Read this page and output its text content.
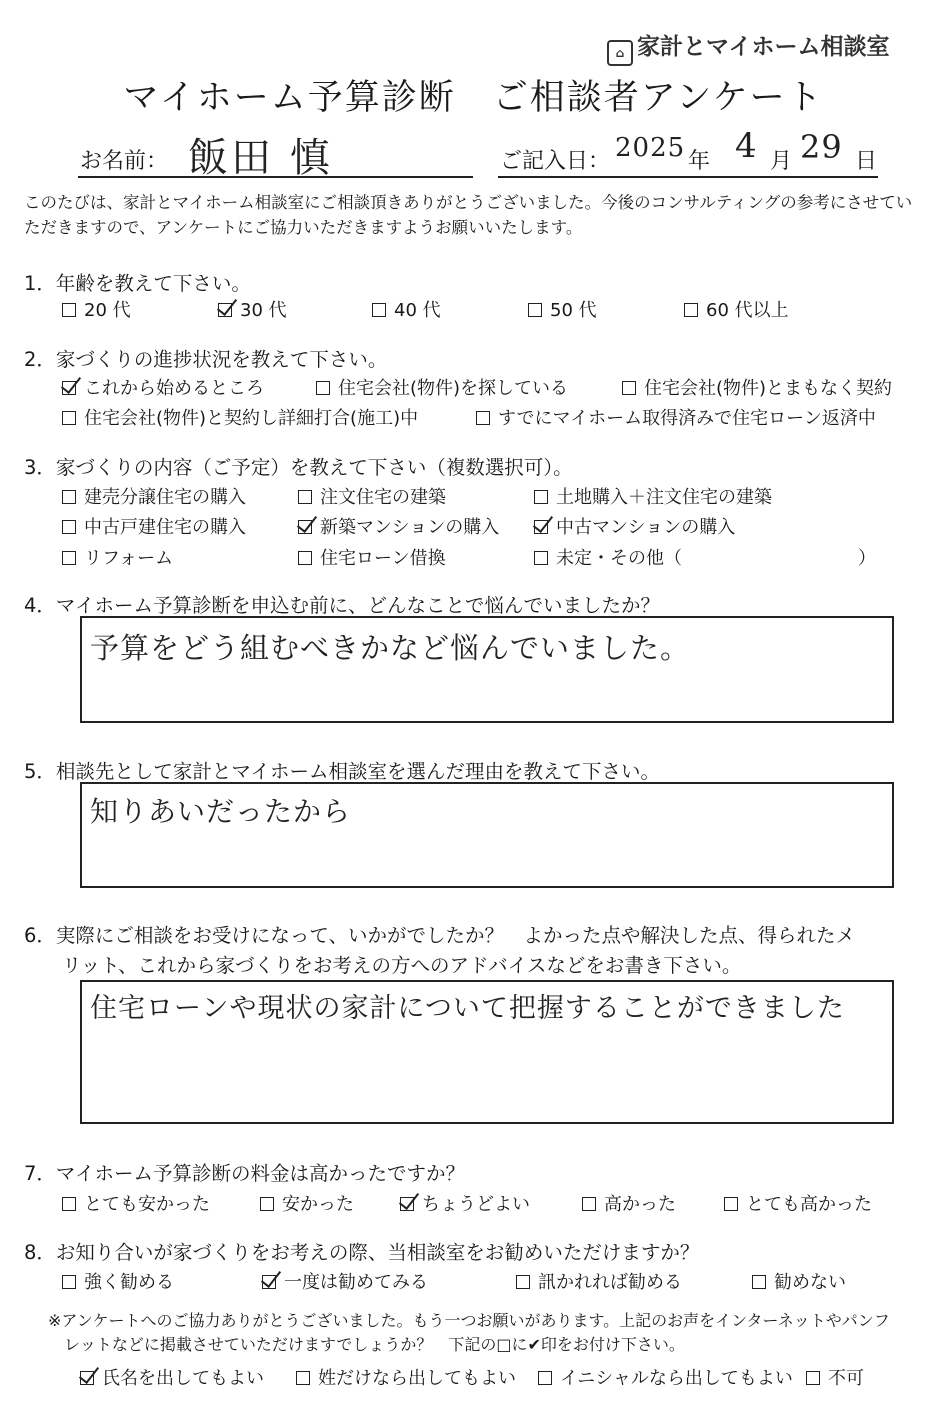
⌂ 家計とマイホーム相談室
マイホーム予算診断　ご相談者アンケート
お名前： 飯田 慎	ご記入日： 2025 年 4 月 29 日
このたびは、家計とマイホーム相談室にご相談頂きありがとうございました。今後のコンサルティングの参考にさせていただきますので、アンケートにご協力いただきますようお願いいたします。
1．年齢を教えて下さい。
20 代	30 代	40 代	50 代	60 代以上
2．家づくりの進捗状況を教えて下さい。
これから始めるところ	住宅会社(物件)を探している	住宅会社(物件)とまもなく契約
住宅会社(物件)と契約し詳細打合(施工)中	すでにマイホーム取得済みで住宅ローン返済中
3．家づくりの内容（ご予定）を教えて下さい（複数選択可）。
建売分譲住宅の購入	注文住宅の建築	土地購入＋注文住宅の建築
中古戸建住宅の購入	新築マンションの購入	中古マンションの購入
リフォーム	住宅ローン借換	未定・その他（	）
4．マイホーム予算診断を申込む前に、どんなことで悩んでいましたか？
予算をどう組むべきかなど悩んでいました。
5．相談先として家計とマイホーム相談室を選んだ理由を教えて下さい。
知りあいだったから
6．実際にご相談をお受けになって、いかがでしたか？　よかった点や解決した点、得られたメ
リット、これから家づくりをお考えの方へのアドバイスなどをお書き下さい。
住宅ローンや現状の家計について把握することができました
7．マイホーム予算診断の料金は高かったですか？
とても安かった	安かった	ちょうどよい	高かった	とても高かった
8．お知り合いが家づくりをお考えの際、当相談室をお勧めいただけますか？
強く勧める	一度は勧めてみる	訊かれれば勧める	勧めない
※アンケートへのご協力ありがとうございました。もう一つお願いがあります。上記のお声をインターネットやパンフ
レットなどに掲載させていただけますでしょうか？　下記の□に✔印をお付け下さい。
氏名を出してもよい	姓だけなら出してもよい	イニシャルなら出してもよい	不可
